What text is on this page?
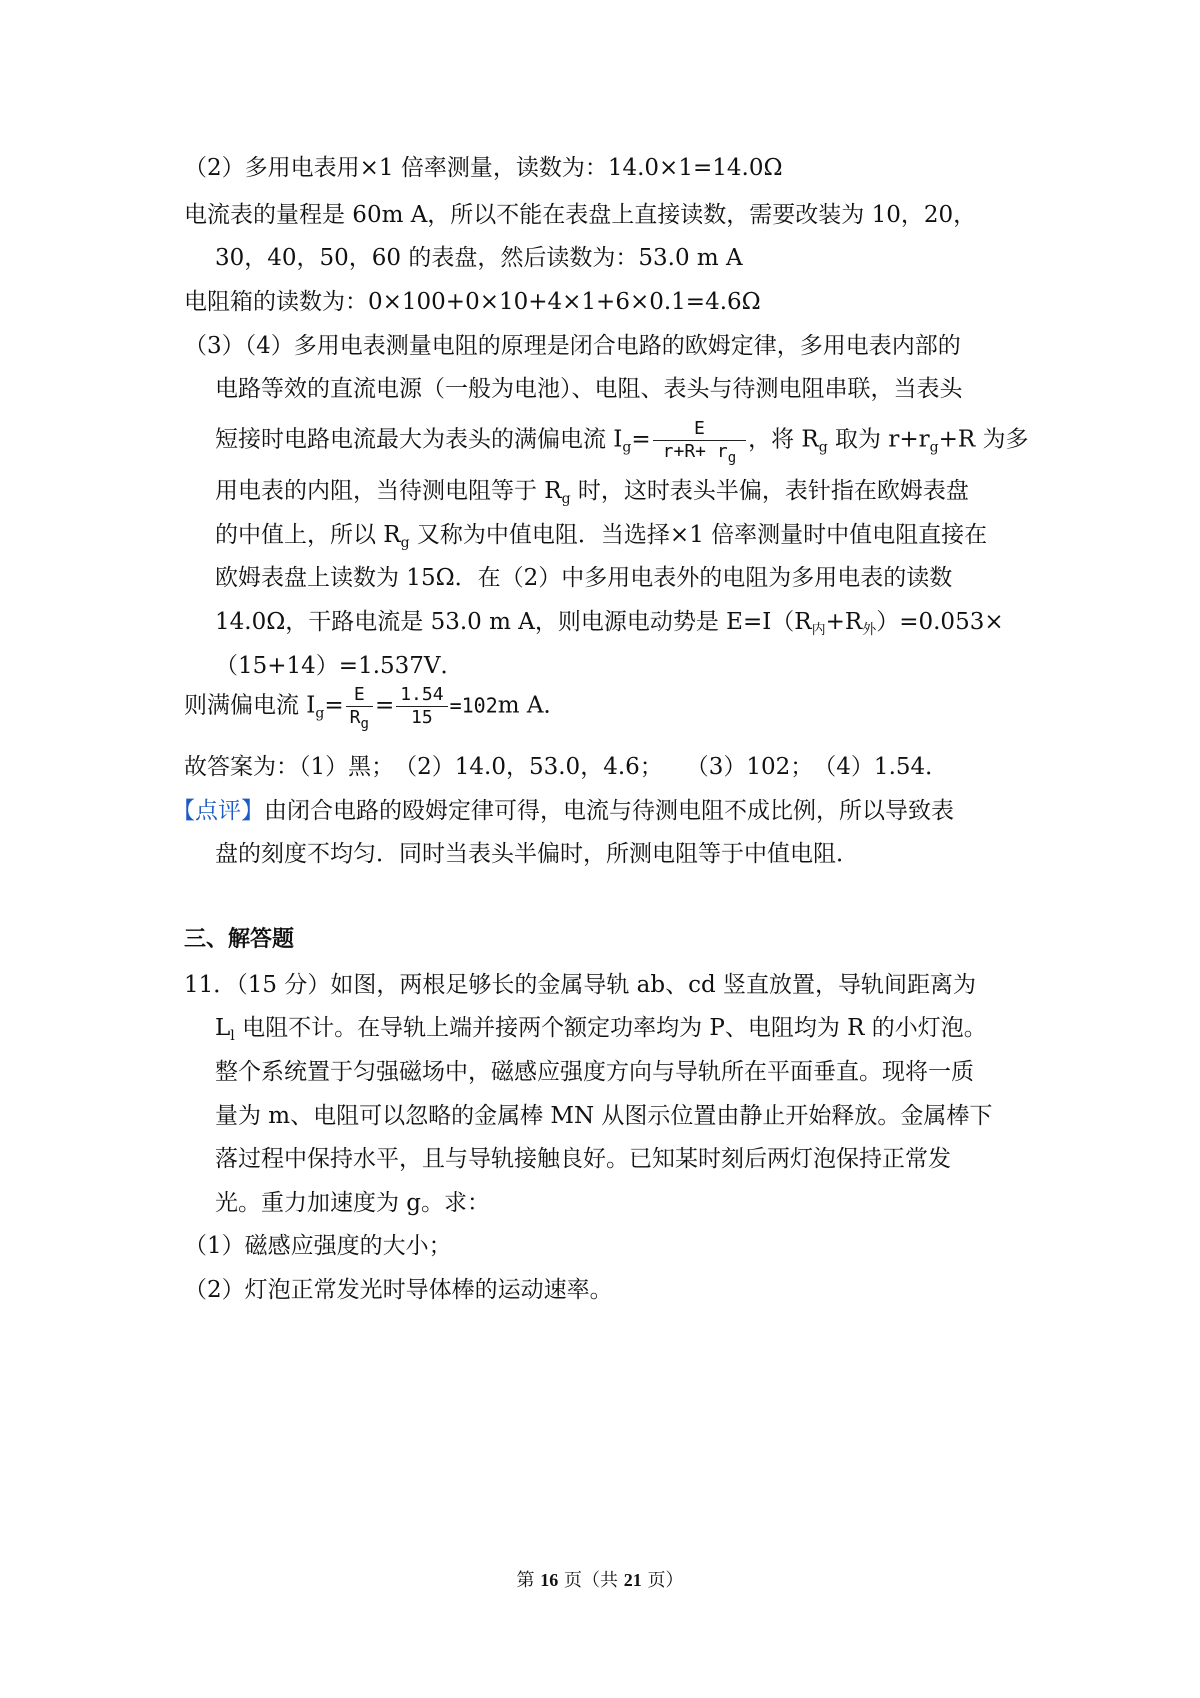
（2）多用电表用×1 倍率测量，读数为：14.0×1=14.0Ω
电流表的量程是 60m A，所以不能在表盘上直接读数，需要改装为 10，20，
30，40，50，60 的表盘，然后读数为：53.0 m A
电阻箱的读数为：0×100+0×10+4×1+6×0.1=4.6Ω
（3）（4）多用电表测量电阻的原理是闭合电路的欧姆定律，多用电表内部的
电路等效的直流电源（一般为电池）、电阻、表头与待测电阻串联，当表头
短接时电路电流最大为表头的满偏电流 $I_g= \frac{E}{r+R+ r_g}$ ，将 $R_g$ 取为 $r+r_g+R$ 为多
用电表的内阻，当待测电阻等于 $R_g$ 时，这时表头半偏，表针指在欧姆表盘
的中值上，所以 $R_g$ 又称为中值电阻．当选择×1 倍率测量时中值电阻直接在
欧姆表盘上读数为 15Ω．在（2）中多用电表外的电阻为多用电表的读数
14.0Ω，干路电流是 53.0 m A，则电源电动势是 $E=I(R_内+R_外)=0.053\times$
（15+14）=1.537V．
则满偏电流 $I_g= \frac{E}{R_g} = \frac{1.54}{15} =102m$ A．
故答案为：（1）黑；　（2）14.0，53.0，4.6；　　（3）102；　（4）1.54．
【点评】由闭合电路的殴姆定律可得，电流与待测电阻不成比例，所以导致表
盘的刻度不均匀．同时当表头半偏时，所测电阻等于中值电阻．
三、解答题
11．（15 分）如图，两根足够长的金属导轨 ab、cd 竖直放置，导轨间距离为
$L_l$ 电阻不计。在导轨上端并接两个额定功率均为 P、电阻均为 R 的小灯泡。
整个系统置于匀强磁场中，磁感应强度方向与导轨所在平面垂直。现将一质
量为 m、电阻可以忽略的金属棒 MN 从图示位置由静止开始释放。金属棒下
落过程中保持水平，且与导轨接触良好。已知某时刻后两灯泡保持正常发
光。重力加速度为 g。求：
（1）磁感应强度的大小；
（2）灯泡正常发光时导体棒的运动速率。
第 16 页（共 21 页）
